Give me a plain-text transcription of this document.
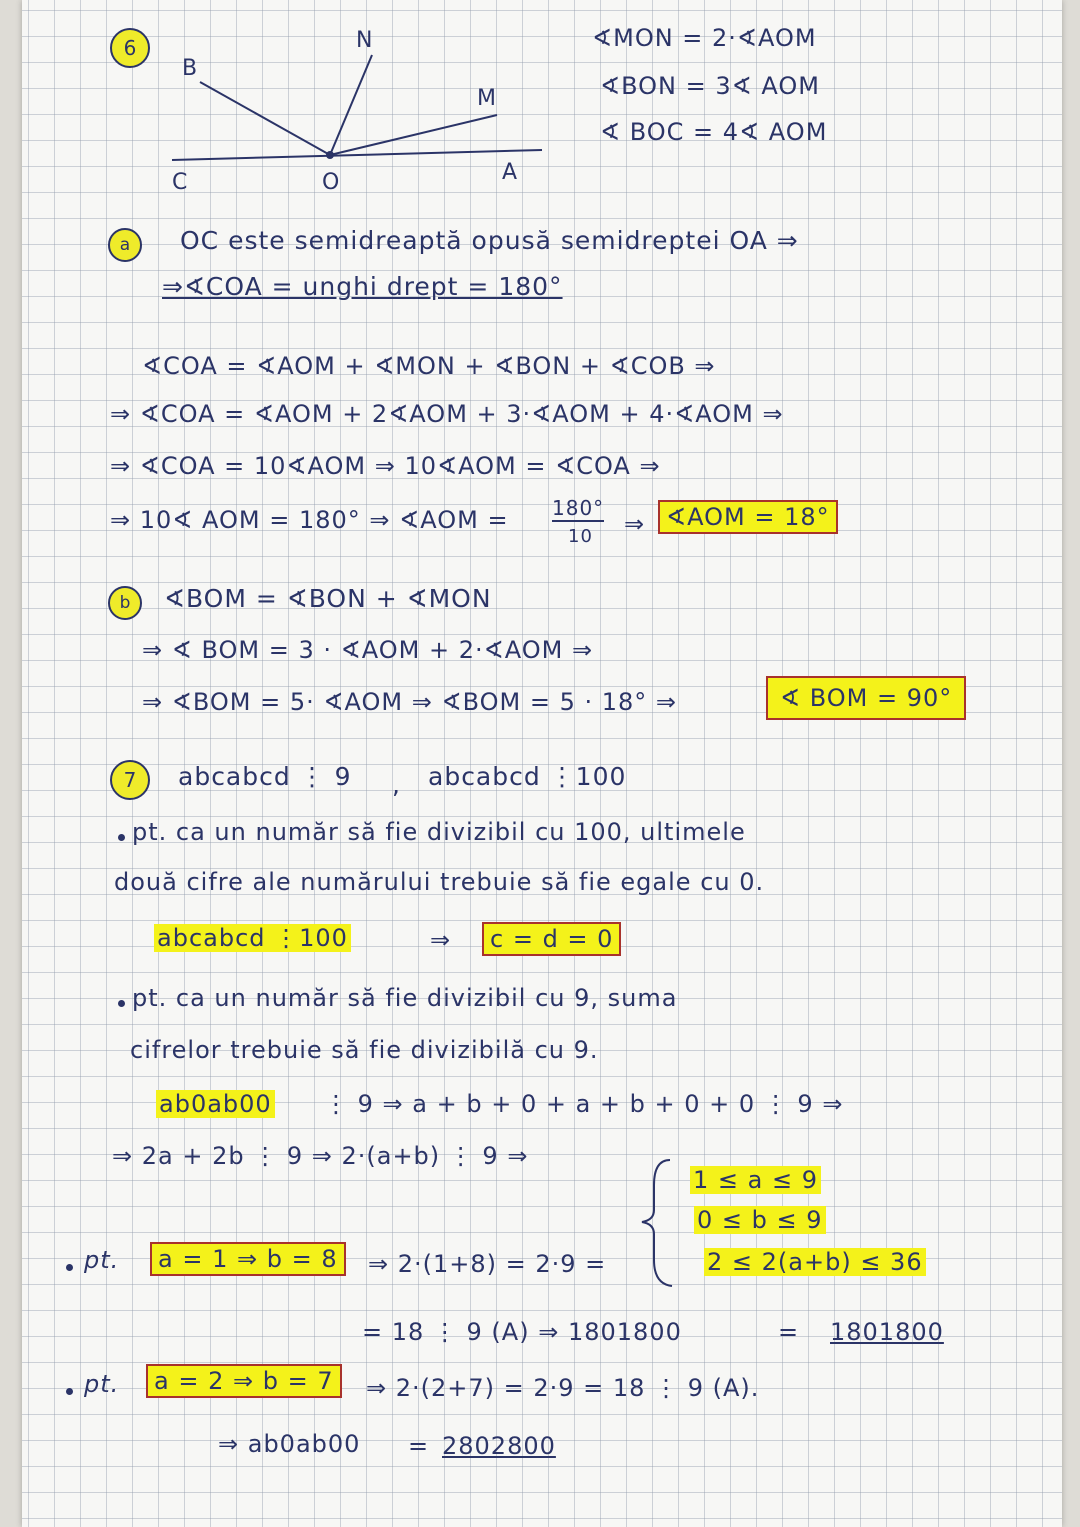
6
B
N
M
C	O	A
∢MON = 2·∢AOM
∢BON = 3∢ AOM
∢ BOC = 4∢ AOM
a	OC este semidreaptă opusă semidreptei OA ⇒
⇒∢COA = unghi drept = 180°
∢COA = ∢AOM + ∢MON + ∢BON + ∢COB ⇒
⇒ ∢COA = ∢AOM + 2∢AOM + 3·∢AOM + 4·∢AOM ⇒
⇒ ∢COA = 10∢AOM ⇒ 10∢AOM = ∢COA ⇒
⇒ 10∢ AOM = 180° ⇒ ∢AOM = 180°
10 ⇒ ∢AOM = 18°
b	∢BOM = ∢BON + ∢MON
⇒ ∢ BOM = 3 · ∢AOM + 2·∢AOM ⇒
⇒ ∢BOM = 5· ∢AOM ⇒ ∢BOM = 5 · 18° ⇒	∢ BOM = 90°
7	abcabcd ⋮ 9 , abcabcd ⋮100
pt. ca un număr să fie divizibil cu 100, ultimele
două cifre ale numărului trebuie să fie egale cu 0.
abcabcd ⋮100	⇒	c = d = 0
pt. ca un număr să fie divizibil cu 9, suma
cifrelor trebuie să fie divizibilă cu 9.
ab0ab00 ⋮ 9 ⇒ a + b + 0 + a + b + 0 + 0 ⋮ 9 ⇒
⇒ 2a + 2b ⋮ 9 ⇒ 2·(a+b) ⋮ 9 ⇒
1 ≤ a ≤ 9
0 ≤ b ≤ 9
2 ≤ 2(a+b) ≤ 36
pt.	a = 1 ⇒ b = 8	⇒ 2·(1+8) = 2·9 =
= 18 ⋮ 9 (A) ⇒ 1801800	= 1801800
pt.	a = 2 ⇒ b = 7	⇒ 2·(2+7) = 2·9 = 18 ⋮ 9 (A).
⇒ ab0ab00 = 2802800
